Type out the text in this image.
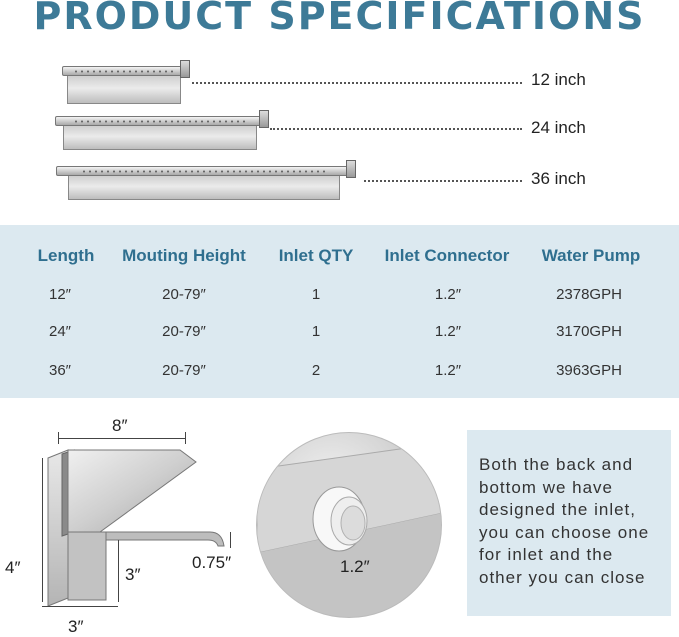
PRODUCT SPECIFICATIONS
12 inch
24 inch
36 inch
Length	Mouting Height	Inlet QTY	Inlet Connector	Water Pump
12″	20-79″	1	1.2″	2378GPH
24″	20-79″	1	1.2″	3170GPH
36″	20-79″	2	1.2″	3963GPH
8″
4″	3″
0.75″
3″
1.2″
Both the back and bottom we have designed the inlet, you can choose one for inlet and the other you can close
